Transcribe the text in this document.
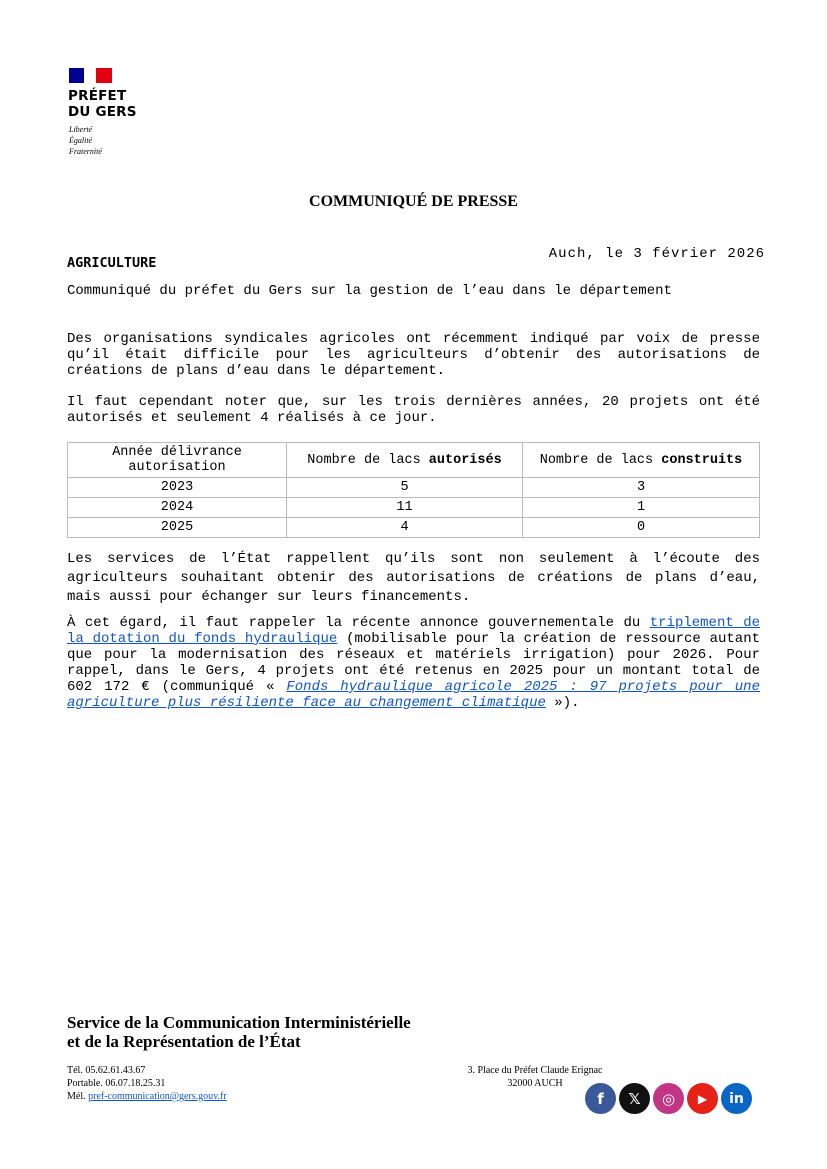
PRÉFET
DU GERS
Liberté
Égalité
Fraternité
COMMUNIQUÉ DE PRESSE
Auch, le 3 février 2026
AGRICULTURE
Communiqué du préfet du Gers sur la gestion de l’eau dans le département
Des organisations syndicales agricoles ont récemment indiqué par voix de presse qu’il était difficile pour les agriculteurs d’obtenir des autorisations de créations de plans d’eau dans le département.
Il faut cependant noter que, sur les trois dernières années, 20 projets ont été autorisés et seulement 4 réalisés à ce jour.
Année délivrance autorisation	Nombre de lacs autorisés	Nombre de lacs construits
2023	5	3
2024	11	1
2025	4	0
Les services de l’État rappellent qu’ils sont non seulement à l’écoute des agriculteurs souhaitant obtenir des autorisations de créations de plans d’eau, mais aussi pour échanger sur leurs financements.
À cet égard, il faut rappeler la récente annonce gouvernementale du triplement de la dotation du fonds hydraulique (mobilisable pour la création de ressource autant que pour la modernisation des réseaux et matériels irrigation) pour 2026. Pour rappel, dans le Gers, 4 projets ont été retenus en 2025 pour un montant total de 602 172 € (communiqué « Fonds hydraulique agricole 2025 : 97 projets pour une agriculture plus résiliente face au changement climatique »).
Service de la Communication Interministérielle
et de la Représentation de l’État
Tél. 05.62.61.43.67
Portable. 06.07.18.25.31
Mél. pref-communication@gers.gouv.fr
3. Place du Préfet Claude Erignac
32000 AUCH
f	𝕏	◎	▶	in
